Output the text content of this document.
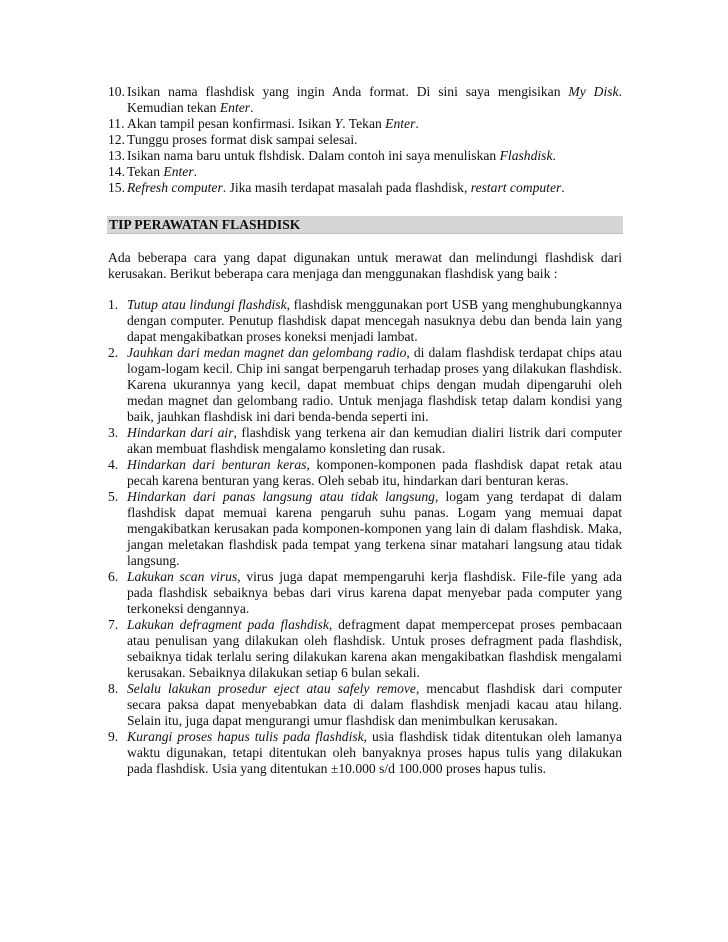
10. Isikan nama flashdisk yang ingin Anda format. Di sini saya mengisikan My Disk. Kemudian tekan Enter.
11. Akan tampil pesan konfirmasi. Isikan Y. Tekan Enter.
12. Tunggu proses format disk sampai selesai.
13. Isikan nama baru untuk flshdisk. Dalam contoh ini saya menuliskan Flashdisk.
14. Tekan Enter.
15. Refresh computer. Jika masih terdapat masalah pada flashdisk, restart computer.
TIP PERAWATAN FLASHDISK

Ada beberapa cara yang dapat digunakan untuk merawat dan melindungi flashdisk dari kerusakan. Berikut beberapa cara menjaga dan menggunakan flashdisk yang baik :

1. Tutup atau lindungi flashdisk, flashdisk menggunakan port USB yang menghubungkannya dengan computer. Penutup flashdisk dapat mencegah nasuknya debu dan benda lain yang dapat mengakibatkan proses koneksi menjadi lambat.
2. Jauhkan dari medan magnet dan gelombang radio, di dalam flashdisk terdapat chips atau logam-logam kecil. Chip ini sangat berpengaruh terhadap proses yang dilakukan flashdisk. Karena ukurannya yang kecil, dapat membuat chips dengan mudah dipengaruhi oleh medan magnet dan gelombang radio. Untuk menjaga flashdisk tetap dalam kondisi yang baik, jauhkan flashdisk ini dari benda-benda seperti ini.
3. Hindarkan dari air, flashdisk yang terkena air dan kemudian dialiri listrik dari computer akan membuat flashdisk mengalamo konsleting dan rusak.
4. Hindarkan dari benturan keras, komponen-komponen pada flashdisk dapat retak atau pecah karena benturan yang keras. Oleh sebab itu, hindarkan dari benturan keras.
5. Hindarkan dari panas langsung atau tidak langsung, logam yang terdapat di dalam flashdisk dapat memuai karena pengaruh suhu panas. Logam yang memuai dapat mengakibatkan kerusakan pada komponen-komponen yang lain di dalam flashdisk. Maka, jangan meletakan flashdisk pada tempat yang terkena sinar matahari langsung atau tidak langsung.
6. Lakukan scan virus, virus juga dapat mempengaruhi kerja flashdisk. File-file yang ada pada flashdisk sebaiknya bebas dari virus karena dapat menyebar pada computer yang terkoneksi dengannya.
7. Lakukan defragment pada flashdisk, defragment dapat mempercepat proses pembacaan atau penulisan yang dilakukan oleh flashdisk. Untuk proses defragment pada flashdisk, sebaiknya tidak terlalu sering dilakukan karena akan mengakibatkan flashdisk mengalami kerusakan. Sebaiknya dilakukan setiap 6 bulan sekali.
8. Selalu lakukan prosedur eject atau safely remove, mencabut flashdisk dari computer secara paksa dapat menyebabkan data di dalam flashdisk menjadi kacau atau hilang. Selain itu, juga dapat mengurangi umur flashdisk dan menimbulkan kerusakan.
9. Kurangi proses hapus tulis pada flashdisk, usia flashdisk tidak ditentukan oleh lamanya waktu digunakan, tetapi ditentukan oleh banyaknya proses hapus tulis yang dilakukan pada flashdisk. Usia yang ditentukan ±10.000 s/d 100.000 proses hapus tulis.
